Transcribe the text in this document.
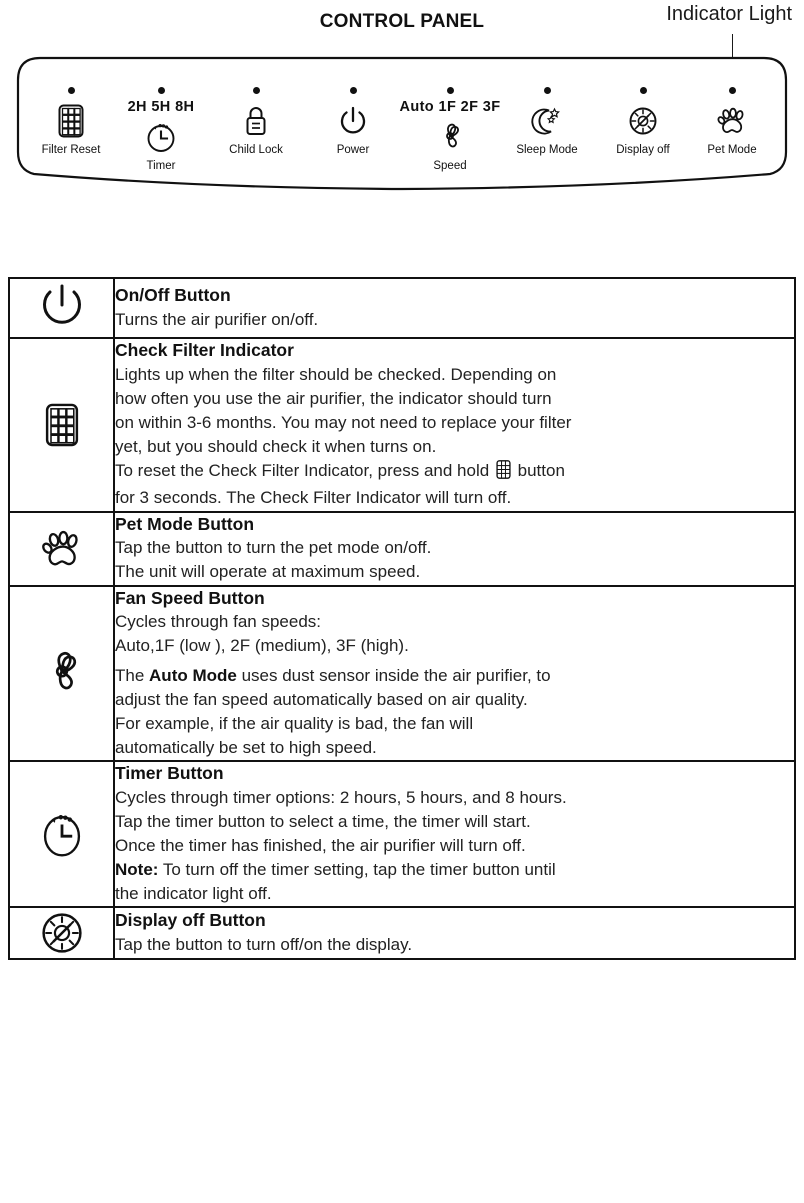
CONTROL PANEL	Indicator Light
Filter Reset
2H 5H 8H
Timer
Child Lock	Power
Auto 1F 2F 3F
Speed
Sleep Mode	Display off	Pet Mode

On/Off Button
Turns the air purifier on/off.

Check Filter Indicator
Lights up when the filter should be checked. Depending on
how often you use the air purifier, the indicator should turn
on within 3-6 months. You may not need to replace your filter
yet, but you should check it when turns on.
To reset the Check Filter Indicator, press and hold  button
for 3 seconds. The Check Filter Indicator will turn off.

Pet Mode Button
Tap the button to turn the pet mode on/off.
The unit will operate at maximum speed.

Fan Speed Button
Cycles through fan speeds:
Auto,1F (low ), 2F (medium), 3F (high).
The Auto Mode uses dust sensor inside the air purifier, to
adjust the fan speed automatically based on air quality.
For example, if the air quality is bad, the fan will
automatically be set to high speed.

Timer Button
Cycles through timer options: 2 hours, 5 hours, and 8 hours.
Tap the timer button to select a time, the timer will start.
Once the timer has finished, the air purifier will turn off.
Note: To turn off the timer setting, tap the timer button until
the indicator light off.

Display off Button
Tap the button to turn off/on the display.
